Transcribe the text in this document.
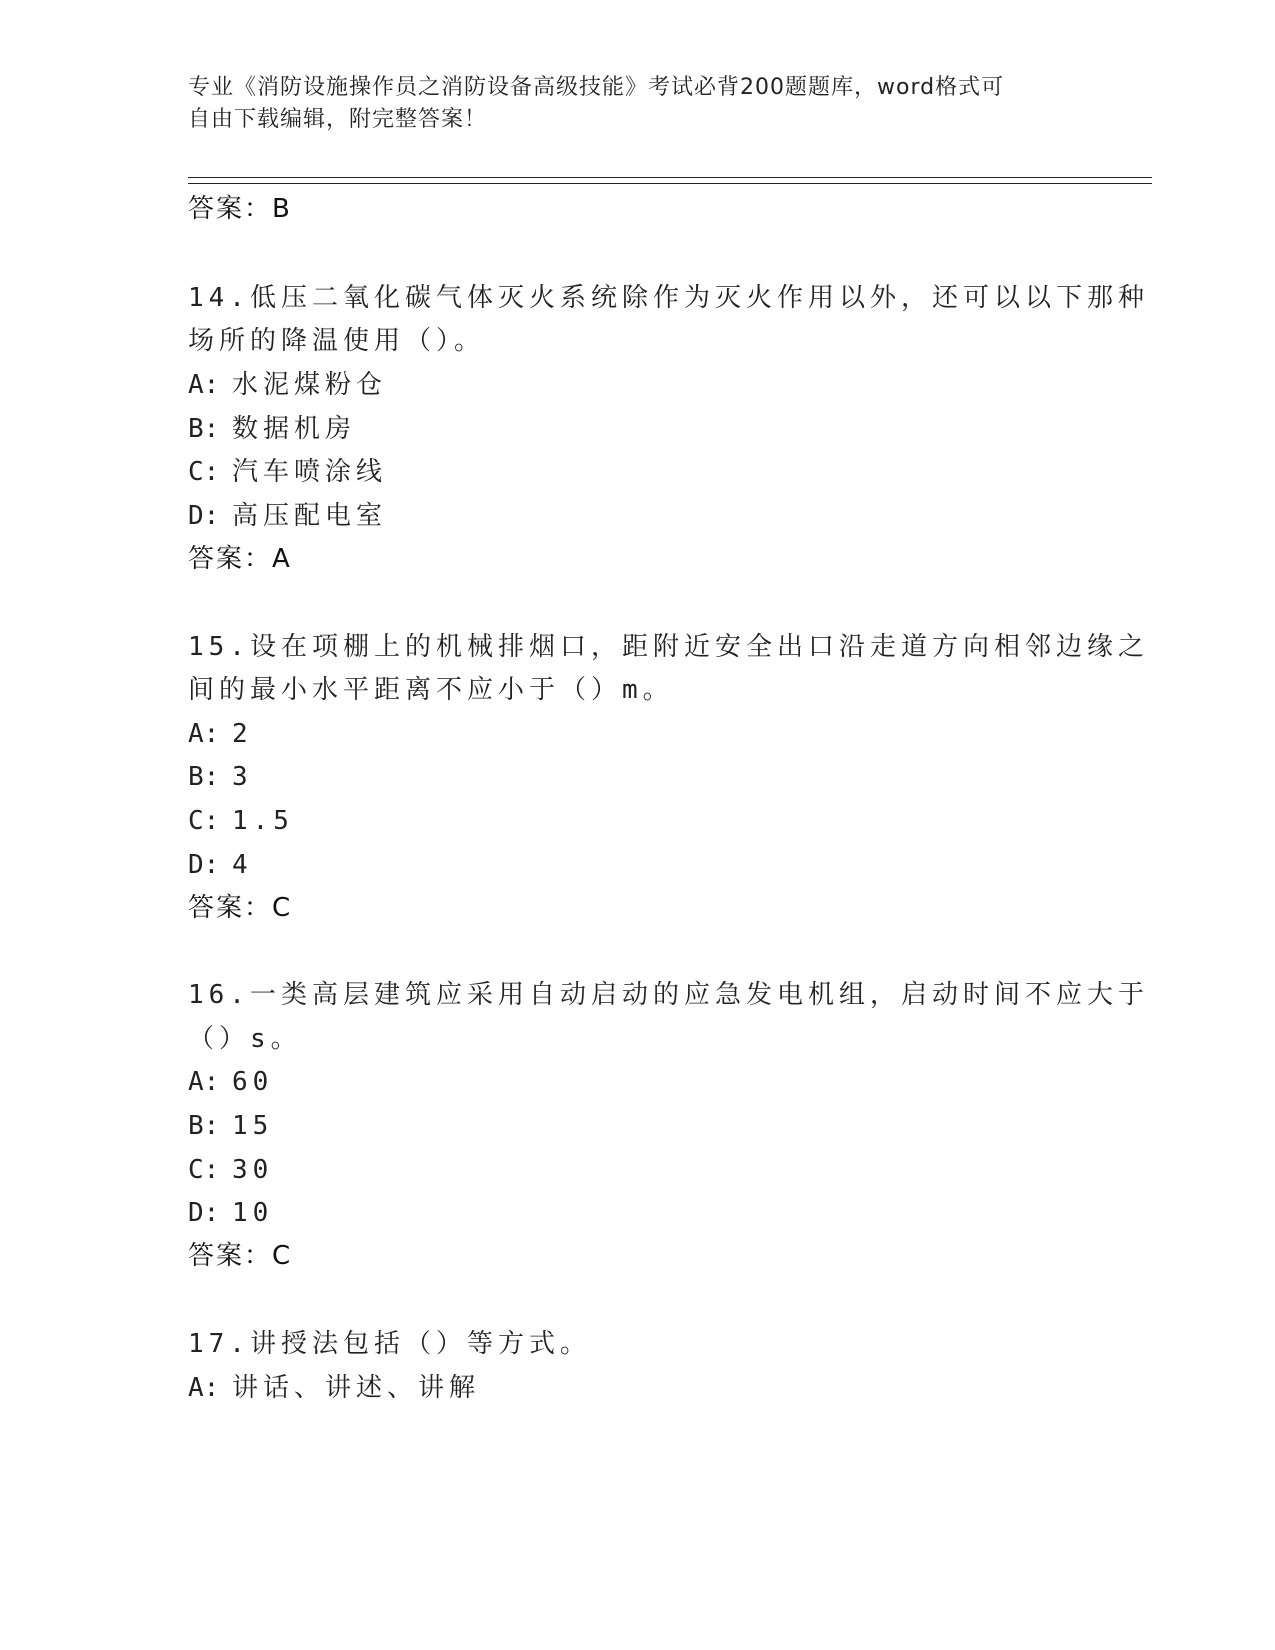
专业《消防设施操作员之消防设备高级技能》考试必背200题题库，word格式可
自由下载编辑，附完整答案！
答案：B
14.低压二氧化碳气体灭火系统除作为灭火作用以外，还可以以下那种
场所的降温使用（）。
A: 水泥煤粉仓
B: 数据机房
C: 汽车喷涂线
D: 高压配电室
答案：A
15.设在项棚上的机械排烟口，距附近安全出口沿走道方向相邻边缘之
间的最小水平距离不应小于（）m。
A: 2
B: 3
C: 1.5
D: 4
答案：C
16.一类高层建筑应采用自动启动的应急发电机组，启动时间不应大于
（）s。
A: 60
B: 15
C: 30
D: 10
答案：C
17.讲授法包括（）等方式。
A: 讲话、讲述、讲解
